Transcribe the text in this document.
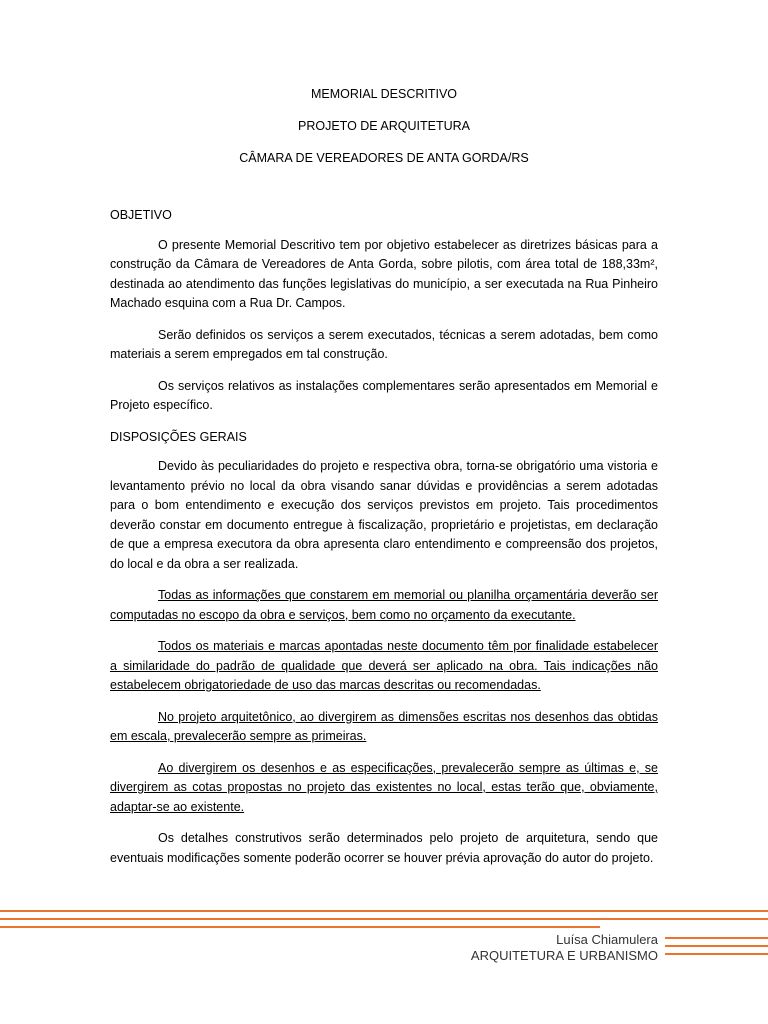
MEMORIAL DESCRITIVO
PROJETO DE ARQUITETURA
CÂMARA DE VEREADORES DE ANTA GORDA/RS
OBJETIVO

O presente Memorial Descritivo tem por objetivo estabelecer as diretrizes básicas para a construção da Câmara de Vereadores de Anta Gorda, sobre pilotis, com área total de 188,33m², destinada ao atendimento das funções legislativas do município, a ser executada na Rua Pinheiro Machado esquina com a Rua Dr. Campos.

Serão definidos os serviços a serem executados, técnicas a serem adotadas, bem como materiais a serem empregados em tal construção.

Os serviços relativos as instalações complementares serão apresentados em Memorial e Projeto específico.

DISPOSIÇÕES GERAIS

Devido às peculiaridades do projeto e respectiva obra, torna-se obrigatório uma vistoria e levantamento prévio no local da obra visando sanar dúvidas e providências a serem adotadas para o bom entendimento e execução dos serviços previstos em projeto. Tais procedimentos deverão constar em documento entregue à fiscalização, proprietário e projetistas, em declaração de que a empresa executora da obra apresenta claro entendimento e compreensão dos projetos, do local e da obra a ser realizada.

Todas as informações que constarem em memorial ou planilha orçamentária deverão ser computadas no escopo da obra e serviços, bem como no orçamento da executante.

Todos os materiais e marcas apontadas neste documento têm por finalidade estabelecer a similaridade do padrão de qualidade que deverá ser aplicado na obra. Tais indicações não estabelecem obrigatoriedade de uso das marcas descritas ou recomendadas.

No projeto arquitetônico, ao divergirem as dimensões escritas nos desenhos das obtidas em escala, prevalecerão sempre as primeiras.

Ao divergirem os desenhos e as especificações, prevalecerão sempre as últimas e, se divergirem as cotas propostas no projeto das existentes no local, estas terão que, obviamente, adaptar-se ao existente.

Os detalhes construtivos serão determinados pelo projeto de arquitetura, sendo que eventuais modificações somente poderão ocorrer se houver prévia aprovação do autor do projeto.

Luísa Chiamulera
ARQUITETURA E URBANISMO
